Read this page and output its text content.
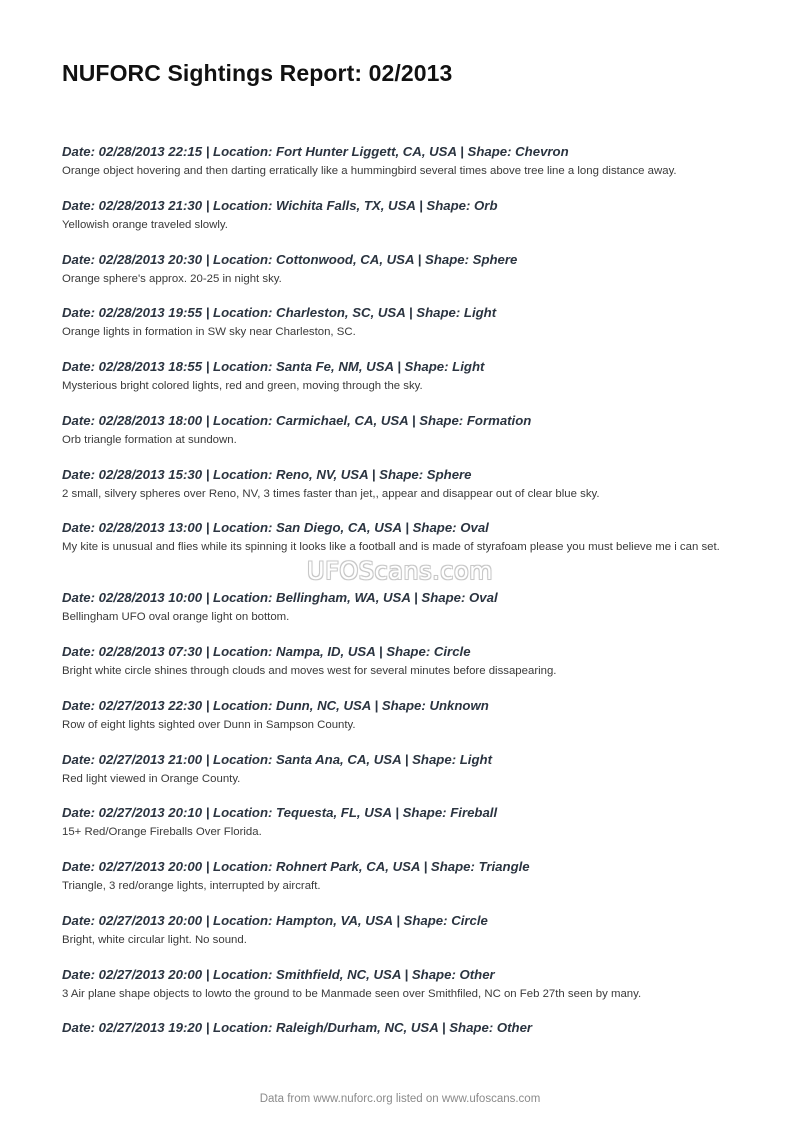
NUFORC Sightings Report: 02/2013
Date: 02/28/2013 22:15 | Location: Fort Hunter Liggett, CA, USA | Shape: Chevron
Orange object hovering and then darting erratically like a hummingbird several times above tree line a long distance away.
Date: 02/28/2013 21:30 | Location: Wichita Falls, TX, USA | Shape: Orb
Yellowish orange traveled slowly.
Date: 02/28/2013 20:30 | Location: Cottonwood, CA, USA | Shape: Sphere
Orange sphere's approx. 20-25 in night sky.
Date: 02/28/2013 19:55 | Location: Charleston, SC, USA | Shape: Light
Orange lights in formation in SW sky near Charleston, SC.
Date: 02/28/2013 18:55 | Location: Santa Fe, NM, USA | Shape: Light
Mysterious bright colored lights, red and green, moving through the sky.
Date: 02/28/2013 18:00 | Location: Carmichael, CA, USA | Shape: Formation
Orb triangle formation at sundown.
Date: 02/28/2013 15:30 | Location: Reno, NV, USA | Shape: Sphere
2 small, silvery spheres over Reno, NV, 3 times faster than jet,, appear and disappear out of clear blue sky.
Date: 02/28/2013 13:00 | Location: San Diego, CA, USA | Shape: Oval
My kite is unusual and flies while its spinning it looks like a football and is made of styrafoam please you must believe me i can set.
Date: 02/28/2013 10:00 | Location: Bellingham, WA, USA | Shape: Oval
Bellingham UFO oval orange light on bottom.
Date: 02/28/2013 07:30 | Location: Nampa, ID, USA | Shape: Circle
Bright white circle shines through clouds and moves west for several minutes before dissapearing.
Date: 02/27/2013 22:30 | Location: Dunn, NC, USA | Shape: Unknown
Row of eight lights sighted over Dunn in Sampson County.
Date: 02/27/2013 21:00 | Location: Santa Ana, CA, USA | Shape: Light
Red light viewed in Orange County.
Date: 02/27/2013 20:10 | Location: Tequesta, FL, USA | Shape: Fireball
15+ Red/Orange Fireballs Over Florida.
Date: 02/27/2013 20:00 | Location: Rohnert Park, CA, USA | Shape: Triangle
Triangle, 3 red/orange lights, interrupted by aircraft.
Date: 02/27/2013 20:00 | Location: Hampton, VA, USA | Shape: Circle
Bright, white circular light. No sound.
Date: 02/27/2013 20:00 | Location: Smithfield, NC, USA | Shape: Other
3 Air plane shape objects to lowto the ground to be Manmade seen over Smithfiled, NC on Feb 27th seen by many.
Date: 02/27/2013 19:20 | Location: Raleigh/Durham, NC, USA | Shape: Other
UFOScans.com
Data from www.nuforc.org listed on www.ufoscans.com
